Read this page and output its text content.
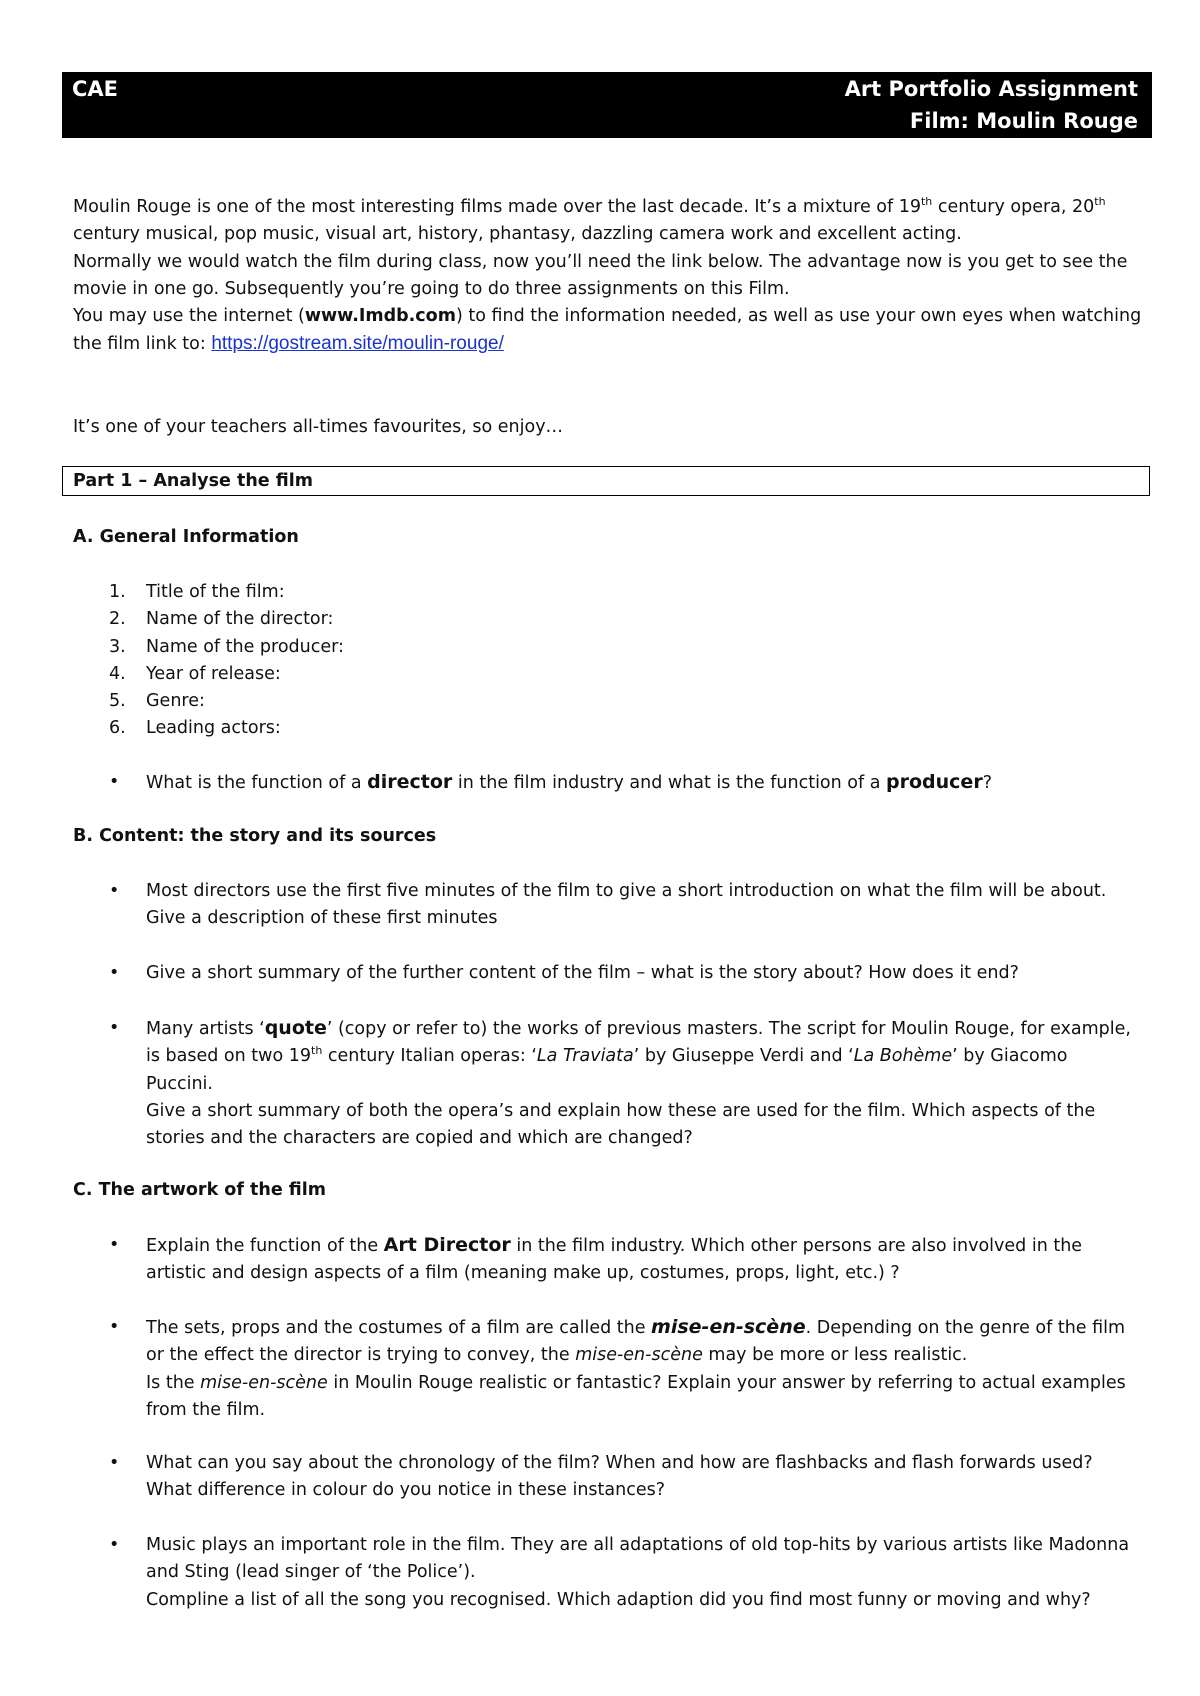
CAE	Art Portfolio Assignment
Film: Moulin Rouge

Moulin Rouge is one of the most interesting films made over the last decade. It’s a mixture of 19th century opera, 20th century musical, pop music, visual art, history, phantasy, dazzling camera work and excellent acting.

Normally we would watch the film during class, now you’ll need the link below. The advantage now is you get to see the movie in one go. Subsequently you’re going to do three assignments on this Film.

You may use the internet (www.Imdb.com) to find the information needed, as well as use your own eyes when watching the film link to: https://gostream.site/moulin-rouge/

It’s one of your teachers all-times favourites, so enjoy…
Part 1 – Analyse the film
A. General Information
1. Title of the film:
2. Name of the director:
3. Name of the producer:
4. Year of release:
5. Genre:
6. Leading actors:
• What is the function of a director in the film industry and what is the function of a producer?
B. Content: the story and its sources
• Most directors use the first five minutes of the film to give a short introduction on what the film will be about. Give a description of these first minutes
• Give a short summary of the further content of the film – what is the story about? How does it end?
• Many artists ‘quote’ (copy or refer to) the works of previous masters. The script for Moulin Rouge, for example, is based on two 19th century Italian operas: ‘La Traviata’ by Giuseppe Verdi and ‘La Bohème’ by Giacomo Puccini.
Give a short summary of both the opera’s and explain how these are used for the film. Which aspects of the stories and the characters are copied and which are changed?
C. The artwork of the film
• Explain the function of the Art Director in the film industry. Which other persons are also involved in the artistic and design aspects of a film (meaning make up, costumes, props, light, etc.) ?
• The sets, props and the costumes of a film are called the mise-en-scène. Depending on the genre of the film or the effect the director is trying to convey, the mise-en-scène may be more or less realistic.
Is the mise-en-scène in Moulin Rouge realistic or fantastic? Explain your answer by referring to actual examples from the film.
• What can you say about the chronology of the film? When and how are flashbacks and flash forwards used? What difference in colour do you notice in these instances?
• Music plays an important role in the film. They are all adaptations of old top-hits by various artists like Madonna and Sting (lead singer of ‘the Police’).
Compline a list of all the song you recognised. Which adaption did you find most funny or moving and why?
